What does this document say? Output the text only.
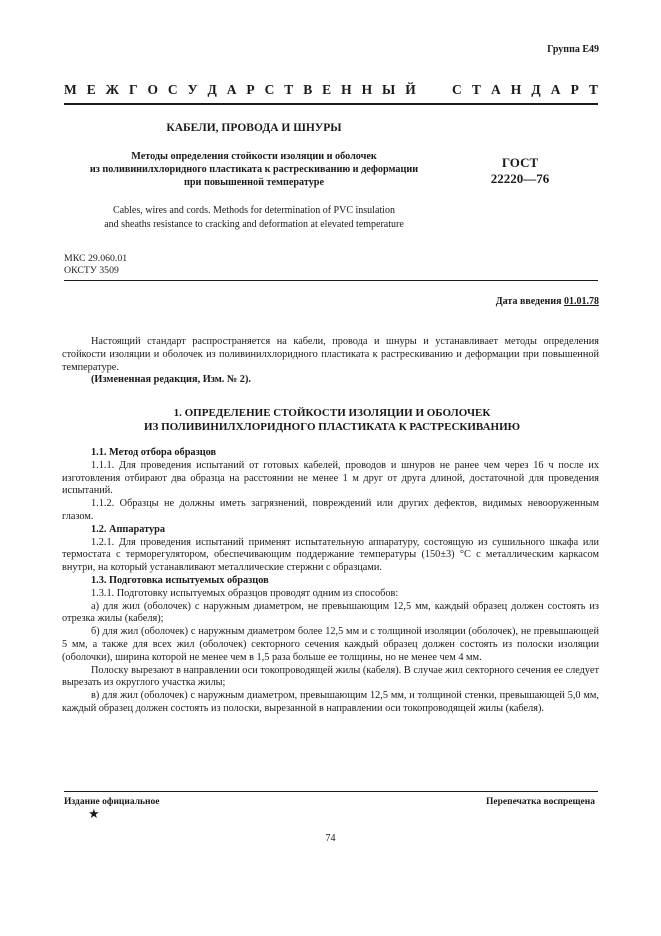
Группа Е49
М Е Ж Г О С У Д А Р С Т В Е Н Н Ы Й	С Т А Н Д А Р Т
КАБЕЛИ, ПРОВОДА И ШНУРЫ
Методы определения стойкости изоляции и оболочек
из поливинилхлоридного пластиката к растрескиванию и деформации
при повышенной температуре
ГОСТ
22220—76
Cables, wires and cords. Methods for determination of PVC insulation
and sheaths resistance to cracking and deformation at elevated temperature
МКС 29.060.01
ОКСТУ 3509
Дата введения 01.01.78

Настоящий стандарт распространяется на кабели, провода и шнуры и устанавливает методы определения стойкости изоляции и оболочек из поливинилхлоридного пластиката к растрескиванию и деформации при повышенной температуре.

(Измененная редакция, Изм. № 2).

1. ОПРЕДЕЛЕНИЕ СТОЙКОСТИ ИЗОЛЯЦИИ И ОБОЛОЧЕК
ИЗ ПОЛИВИНИЛХЛОРИДНОГО ПЛАСТИКАТА К РАСТРЕСКИВАНИЮ

1.1. Метод отбора образцов

1.1.1. Для проведения испытаний от готовых кабелей, проводов и шнуров не ранее чем через 16 ч после их изготовления отбирают два образца на расстоянии не менее 1 м друг от друга длиной, достаточной для проведения испытаний.

1.1.2. Образцы не должны иметь загрязнений, повреждений или других дефектов, видимых невооруженным глазом.

1.2. Аппаратура

1.2.1. Для проведения испытаний применят испытательную аппаратуру, состоящую из сушильного шкафа или термостата с терморегулятором, обеспечивающим поддержание температуры (150±3) °С с металлическим каркасом внутри, на который устанавливают металлические стержни с образцами.

1.3. Подготовка испытуемых образцов

1.3.1. Подготовку испытуемых образцов проводят одним из способов:

а) для жил (оболочек) с наружным диаметром, не превышающим 12,5 мм, каждый образец должен состоять из отрезка жилы (кабеля);

б) для жил (оболочек) с наружным диаметром более 12,5 мм и с толщиной изоляции (оболочек), не превышающей 5 мм, а также для всех жил (оболочек) секторного сечения каждый образец должен состоять из полоски изоляции (оболочки), ширина которой не менее чем в 1,5 раза больше ее толщины, но не менее чем 4 мм.

Полоску вырезают в направлении оси токопроводящей жилы (кабеля). В случае жил секторного сечения ее следует вырезать из округлого участка жилы;

в) для жил (оболочек) с наружным диаметром, превышающим 12,5 мм, и толщиной стенки, превышающей 5,0 мм, каждый образец должен состоять из полоски, вырезанной в направлении оси токопроводящей жилы (кабеля).

Издание официальное	Перепечатка воспрещена
★
74
